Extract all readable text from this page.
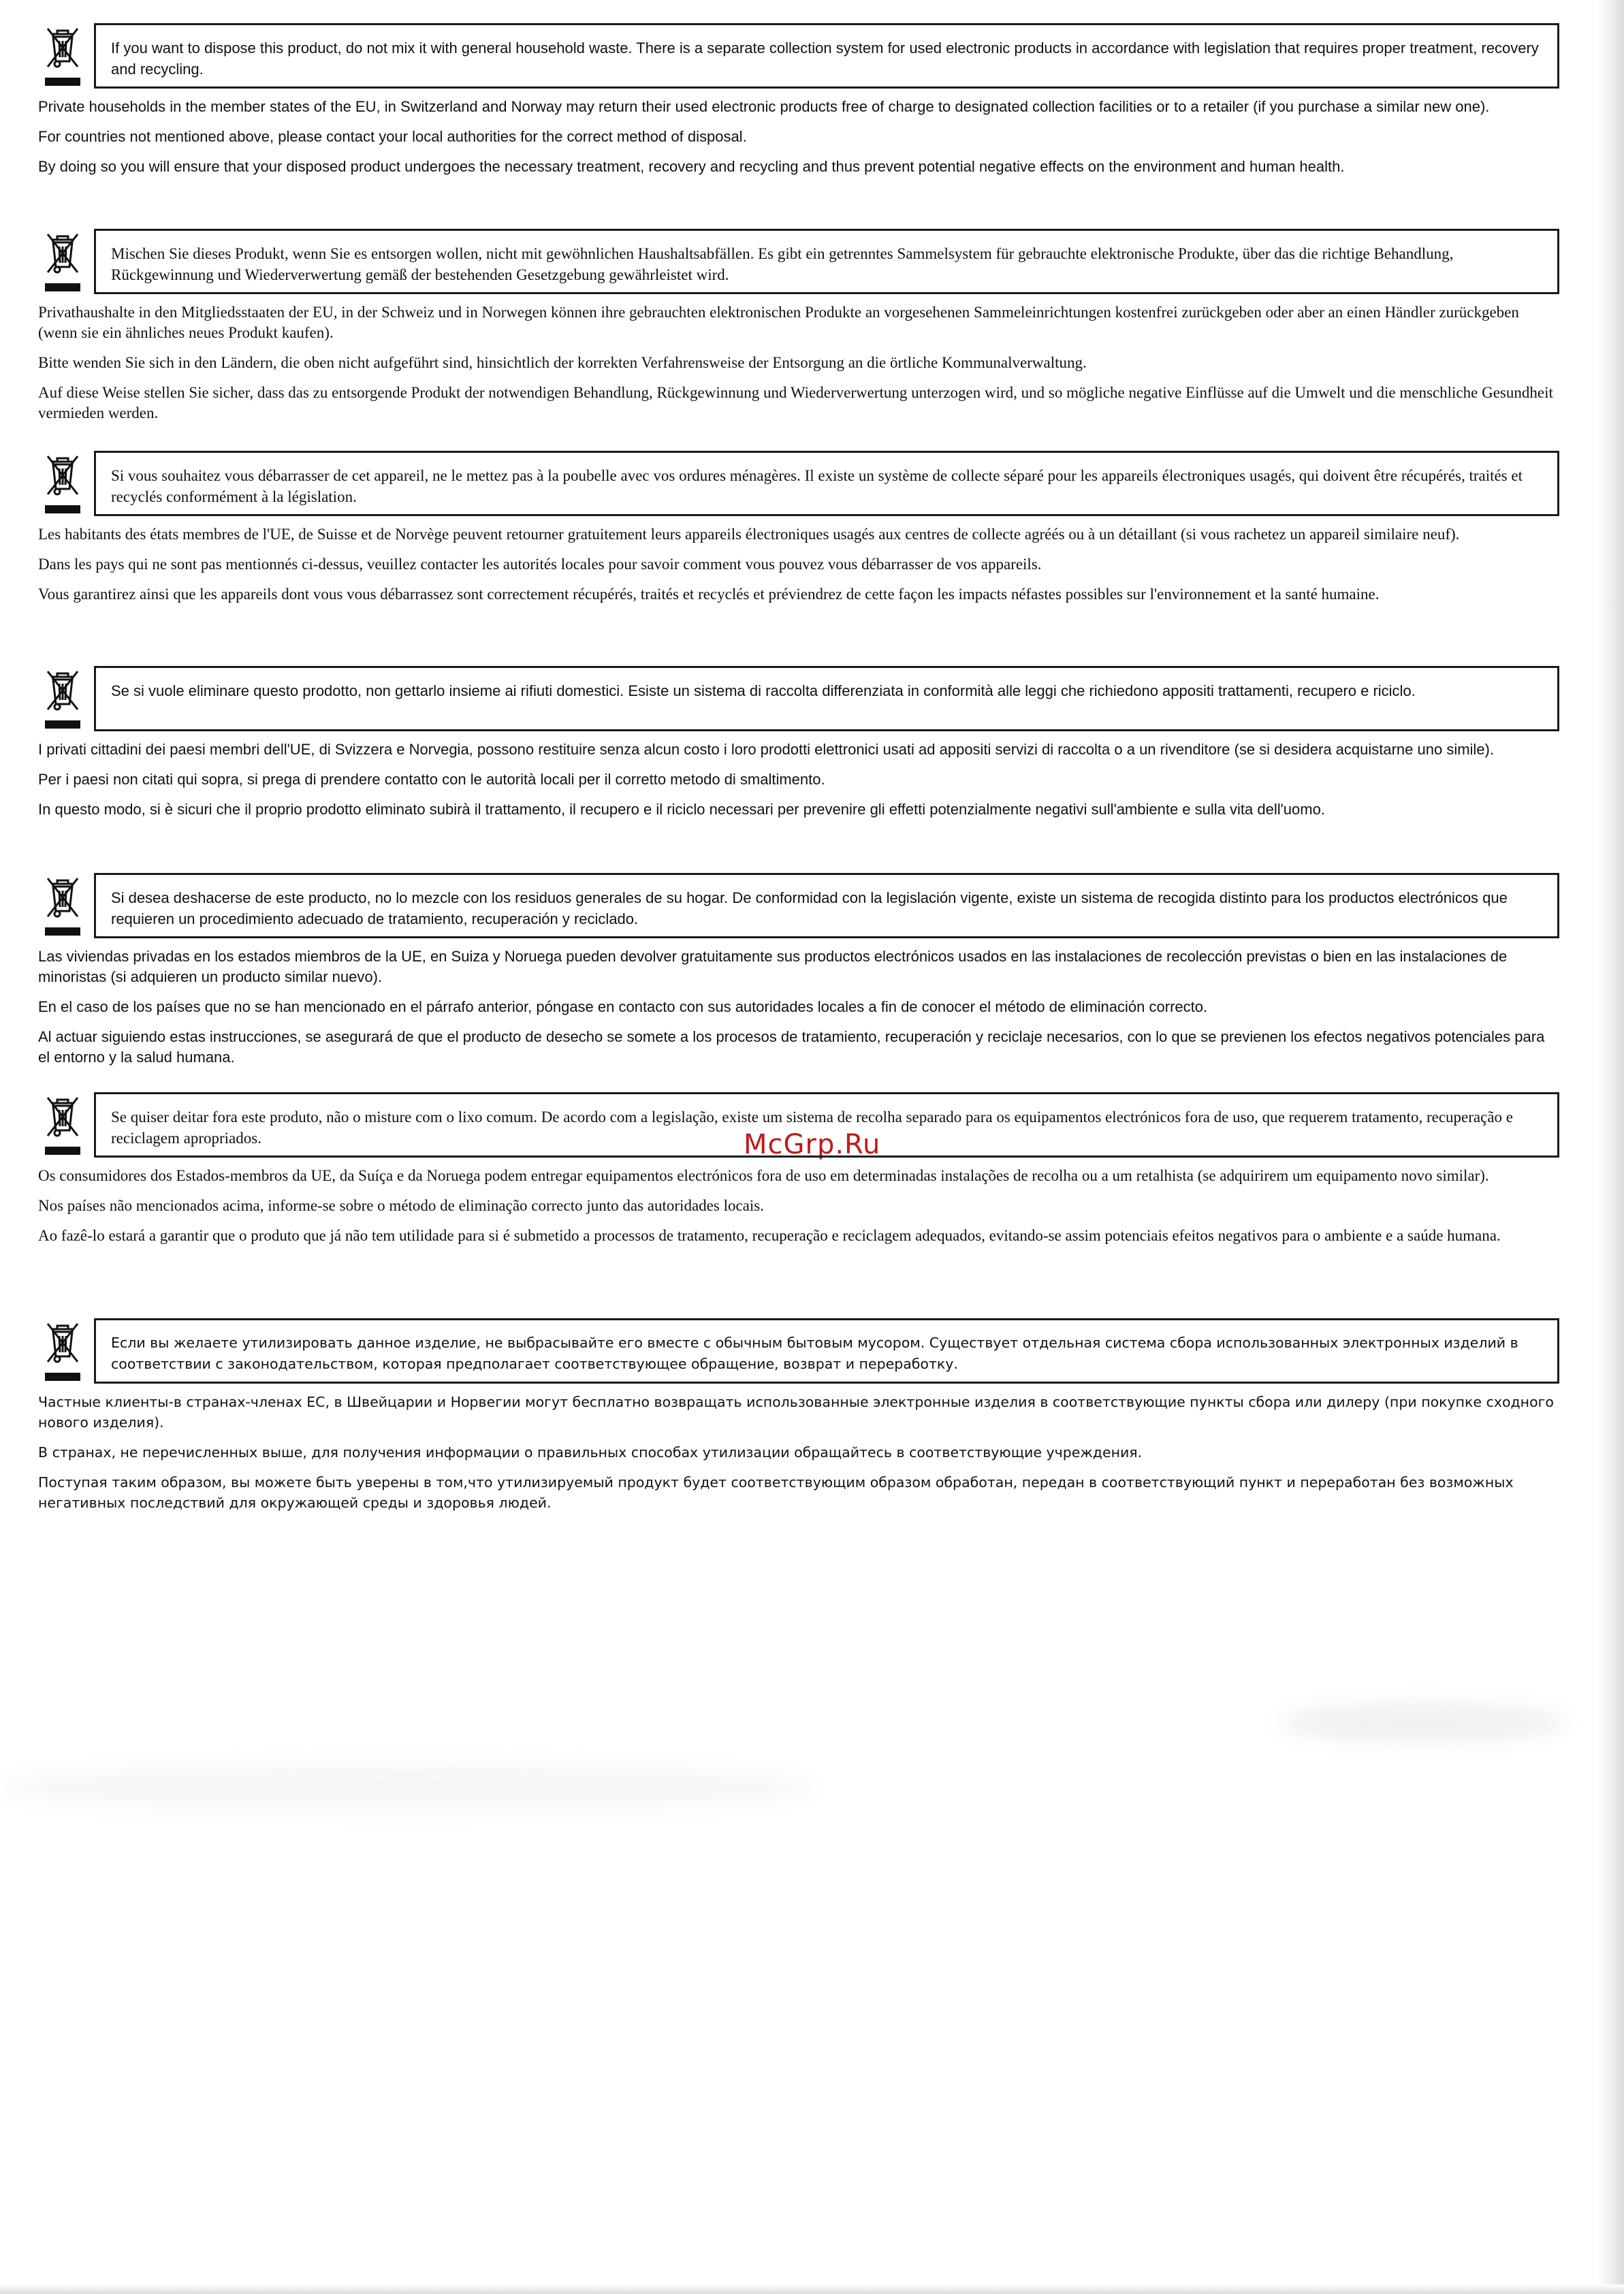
McGrp.Ru
If you want to dispose this product, do not mix it with general household waste. There is a separate collection system for used electronic products in accordance with legislation that requires proper treatment, recovery and recycling.

Private households in the member states of the EU, in Switzerland and Norway may return their used electronic products free of charge to designated collection facilities or to a retailer (if you purchase a similar new one).

For countries not mentioned above, please contact your local authorities for the correct method of disposal.

By doing so you will ensure that your disposed product undergoes the necessary treatment, recovery and recycling and thus prevent potential negative effects on the environment and human health.

Mischen Sie dieses Produkt, wenn Sie es entsorgen wollen, nicht mit gewöhnlichen Haushaltsabfällen. Es gibt ein getrenntes Sammelsystem für gebrauchte elektronische Produkte, über das die richtige Behandlung, Rückgewinnung und Wiederverwertung gemäß der bestehenden Gesetzgebung gewährleistet wird.

Privathaushalte in den Mitgliedsstaaten der EU, in der Schweiz und in Norwegen können ihre gebrauchten elektronischen Produkte an vorgesehenen Sammeleinrichtungen kostenfrei zurückgeben oder aber an einen Händler zurückgeben (wenn sie ein ähnliches neues Produkt kaufen).

Bitte wenden Sie sich in den Ländern, die oben nicht aufgeführt sind, hinsichtlich der korrekten Verfahrensweise der Entsorgung an die örtliche Kommunalverwaltung.

Auf diese Weise stellen Sie sicher, dass das zu entsorgende Produkt der notwendigen Behandlung, Rückgewinnung und Wiederverwertung unterzogen wird, und so mögliche negative Einflüsse auf die Umwelt und die menschliche Gesundheit vermieden werden.

Si vous souhaitez vous débarrasser de cet appareil, ne le mettez pas à la poubelle avec vos ordures ménagères. Il existe un système de collecte séparé pour les appareils électroniques usagés, qui doivent être récupérés, traités et recyclés conformément à la législation.

Les habitants des états membres de l'UE, de Suisse et de Norvège peuvent retourner gratuitement leurs appareils électroniques usagés aux centres de collecte agréés ou à un détaillant (si vous rachetez un appareil similaire neuf).

Dans les pays qui ne sont pas mentionnés ci-dessus, veuillez contacter les autorités locales pour savoir comment vous pouvez vous débarrasser de vos appareils.

Vous garantirez ainsi que les appareils dont vous vous débarrassez sont correctement récupérés, traités et recyclés et préviendrez de cette façon les impacts néfastes possibles sur l'environnement et la santé humaine.

Se si vuole eliminare questo prodotto, non gettarlo insieme ai rifiuti domestici. Esiste un sistema di raccolta differenziata in conformità alle leggi che richiedono appositi trattamenti, recupero e riciclo.

I privati cittadini dei paesi membri dell'UE, di Svizzera e Norvegia, possono restituire senza alcun costo i loro prodotti elettronici usati ad appositi servizi di raccolta o a un rivenditore (se si desidera acquistarne uno simile).

Per i paesi non citati qui sopra, si prega di prendere contatto con le autorità locali per il corretto metodo di smaltimento.

In questo modo, si è sicuri che il proprio prodotto eliminato subirà il trattamento, il recupero e il riciclo necessari per prevenire gli effetti potenzialmente negativi sull'ambiente e sulla vita dell'uomo.

Si desea deshacerse de este producto, no lo mezcle con los residuos generales de su hogar. De conformidad con la legislación vigente, existe un sistema de recogida distinto para los productos electrónicos que requieren un procedimiento adecuado de tratamiento, recuperación y reciclado.

Las viviendas privadas en los estados miembros de la UE, en Suiza y Noruega pueden devolver gratuitamente sus productos electrónicos usados en las instalaciones de recolección previstas o bien en las instalaciones de minoristas (si adquieren un producto similar nuevo).

En el caso de los países que no se han mencionado en el párrafo anterior, póngase en contacto con sus autoridades locales a fin de conocer el método de eliminación correcto.

Al actuar siguiendo estas instrucciones, se asegurará de que el producto de desecho se somete a los procesos de tratamiento, recuperación y reciclaje necesarios, con lo que se previenen los efectos negativos potenciales para el entorno y la salud humana.

Se quiser deitar fora este produto, não o misture com o lixo comum. De acordo com a legislação, existe um sistema de recolha separado para os equipamentos electrónicos fora de uso, que requerem tratamento, recuperação e reciclagem apropriados.

Os consumidores dos Estados-membros da UE, da Suíça e da Noruega podem entregar equipamentos electrónicos fora de uso em determinadas instalações de recolha ou a um retalhista (se adquirirem um equipamento novo similar).

Nos países não mencionados acima, informe-se sobre o método de eliminação correcto junto das autoridades locais.

Ao fazê-lo estará a garantir que o produto que já não tem utilidade para si é submetido a processos de tratamento, recuperação e reciclagem adequados, evitando-se assim potenciais efeitos negativos para o ambiente e a saúde humana.

Если вы желаете утилизировать данное изделие, не выбрасывайте его вместе с обычным бытовым мусором. Существует отдельная система сбора использованных электронных изделий в соответствии с законодательством, которая предполагает соответствующее обращение, возврат и переработку.

Частные клиенты-в странах-членах ЕС, в Швейцарии и Норвегии могут бесплатнo возвращать использованные электронные изделия в соответствующие пункты сбора или дилеру (при покупке сходного нового изделия).

В странах, не перечисленных выше, для получения информации о правильных способах утилизации обращайтесь в соответствующие учреждения.

Поступая таким образом, вы можете быть уверены в том,что утилизируемый продукт будет соответствующим образом обработан, передан в соответствующий пункт и переработан без возможных негативных последствий для окружающей среды и здоровья людей.
